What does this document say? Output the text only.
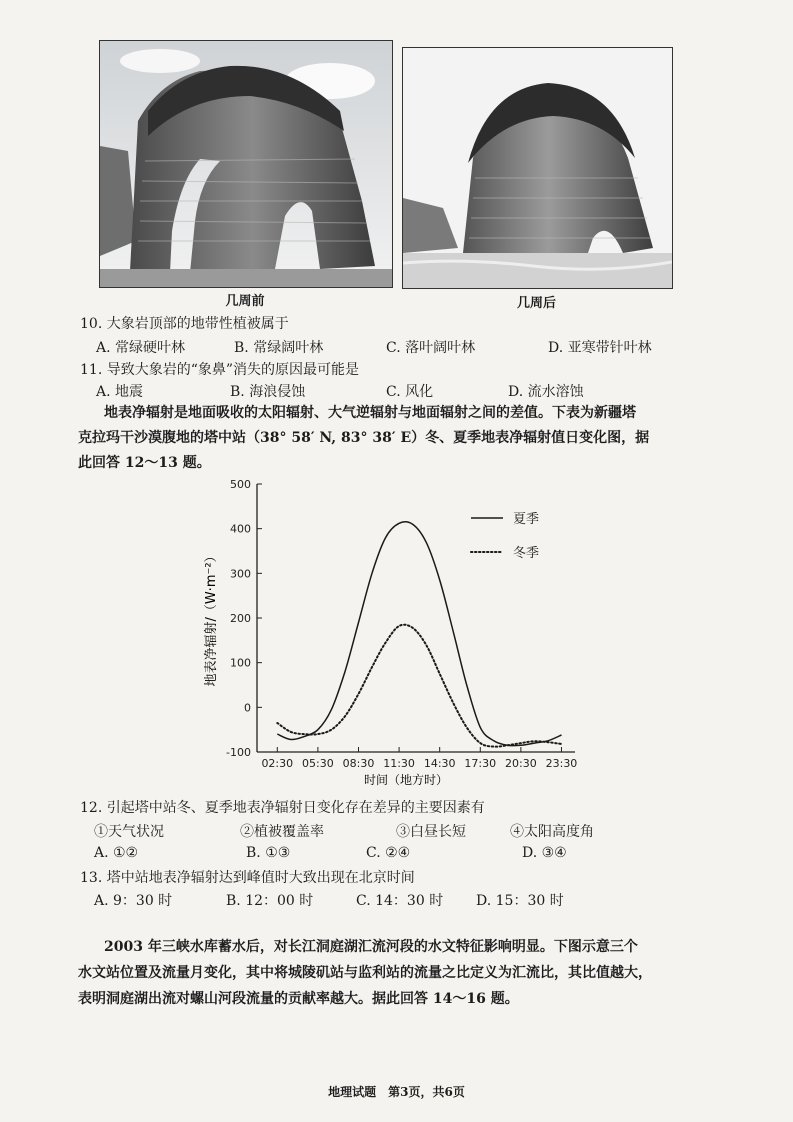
几周前	几周后
10. 大象岩顶部的地带性植被属于
A. 常绿硬叶林	B. 常绿阔叶林	C. 落叶阔叶林	D. 亚寒带针叶林
11. 导致大象岩的“象鼻”消失的原因最可能是
A. 地震	B. 海浪侵蚀	C. 风化	D. 流水溶蚀
地表净辐射是地面吸收的太阳辐射、大气逆辐射与地面辐射之间的差值。下表为新疆塔
克拉玛干沙漠腹地的塔中站（38° 58′ N, 83° 38′ E）冬、夏季地表净辐射值日变化图，据
此回答 12～13 题。
500
400
300
200
100
0
-100
02:30 05:30 08:30 11:30 14:30 17:30 20:30 23:30
夏季
冬季
地表净辐射/（W·m⁻²）
时间（地方时）
12. 引起塔中站冬、夏季地表净辐射日变化存在差异的主要因素有
①天气状况	②植被覆盖率	③白昼长短	④太阳高度角
A. ①②	B. ①③	C. ②④	D. ③④
13. 塔中站地表净辐射达到峰值时大致出现在北京时间
A. 9：30 时	B. 12：00 时	C. 14：30 时 D. 15：30 时
2003 年三峡水库蓄水后，对长江洞庭湖汇流河段的水文特征影响明显。下图示意三个
水文站位置及流量月变化，其中将城陵矶站与监利站的流量之比定义为汇流比，其比值越大，
表明洞庭湖出流对螺山河段流量的贡献率越大。据此回答 14～16 题。
地理试题　第3页，共6页
